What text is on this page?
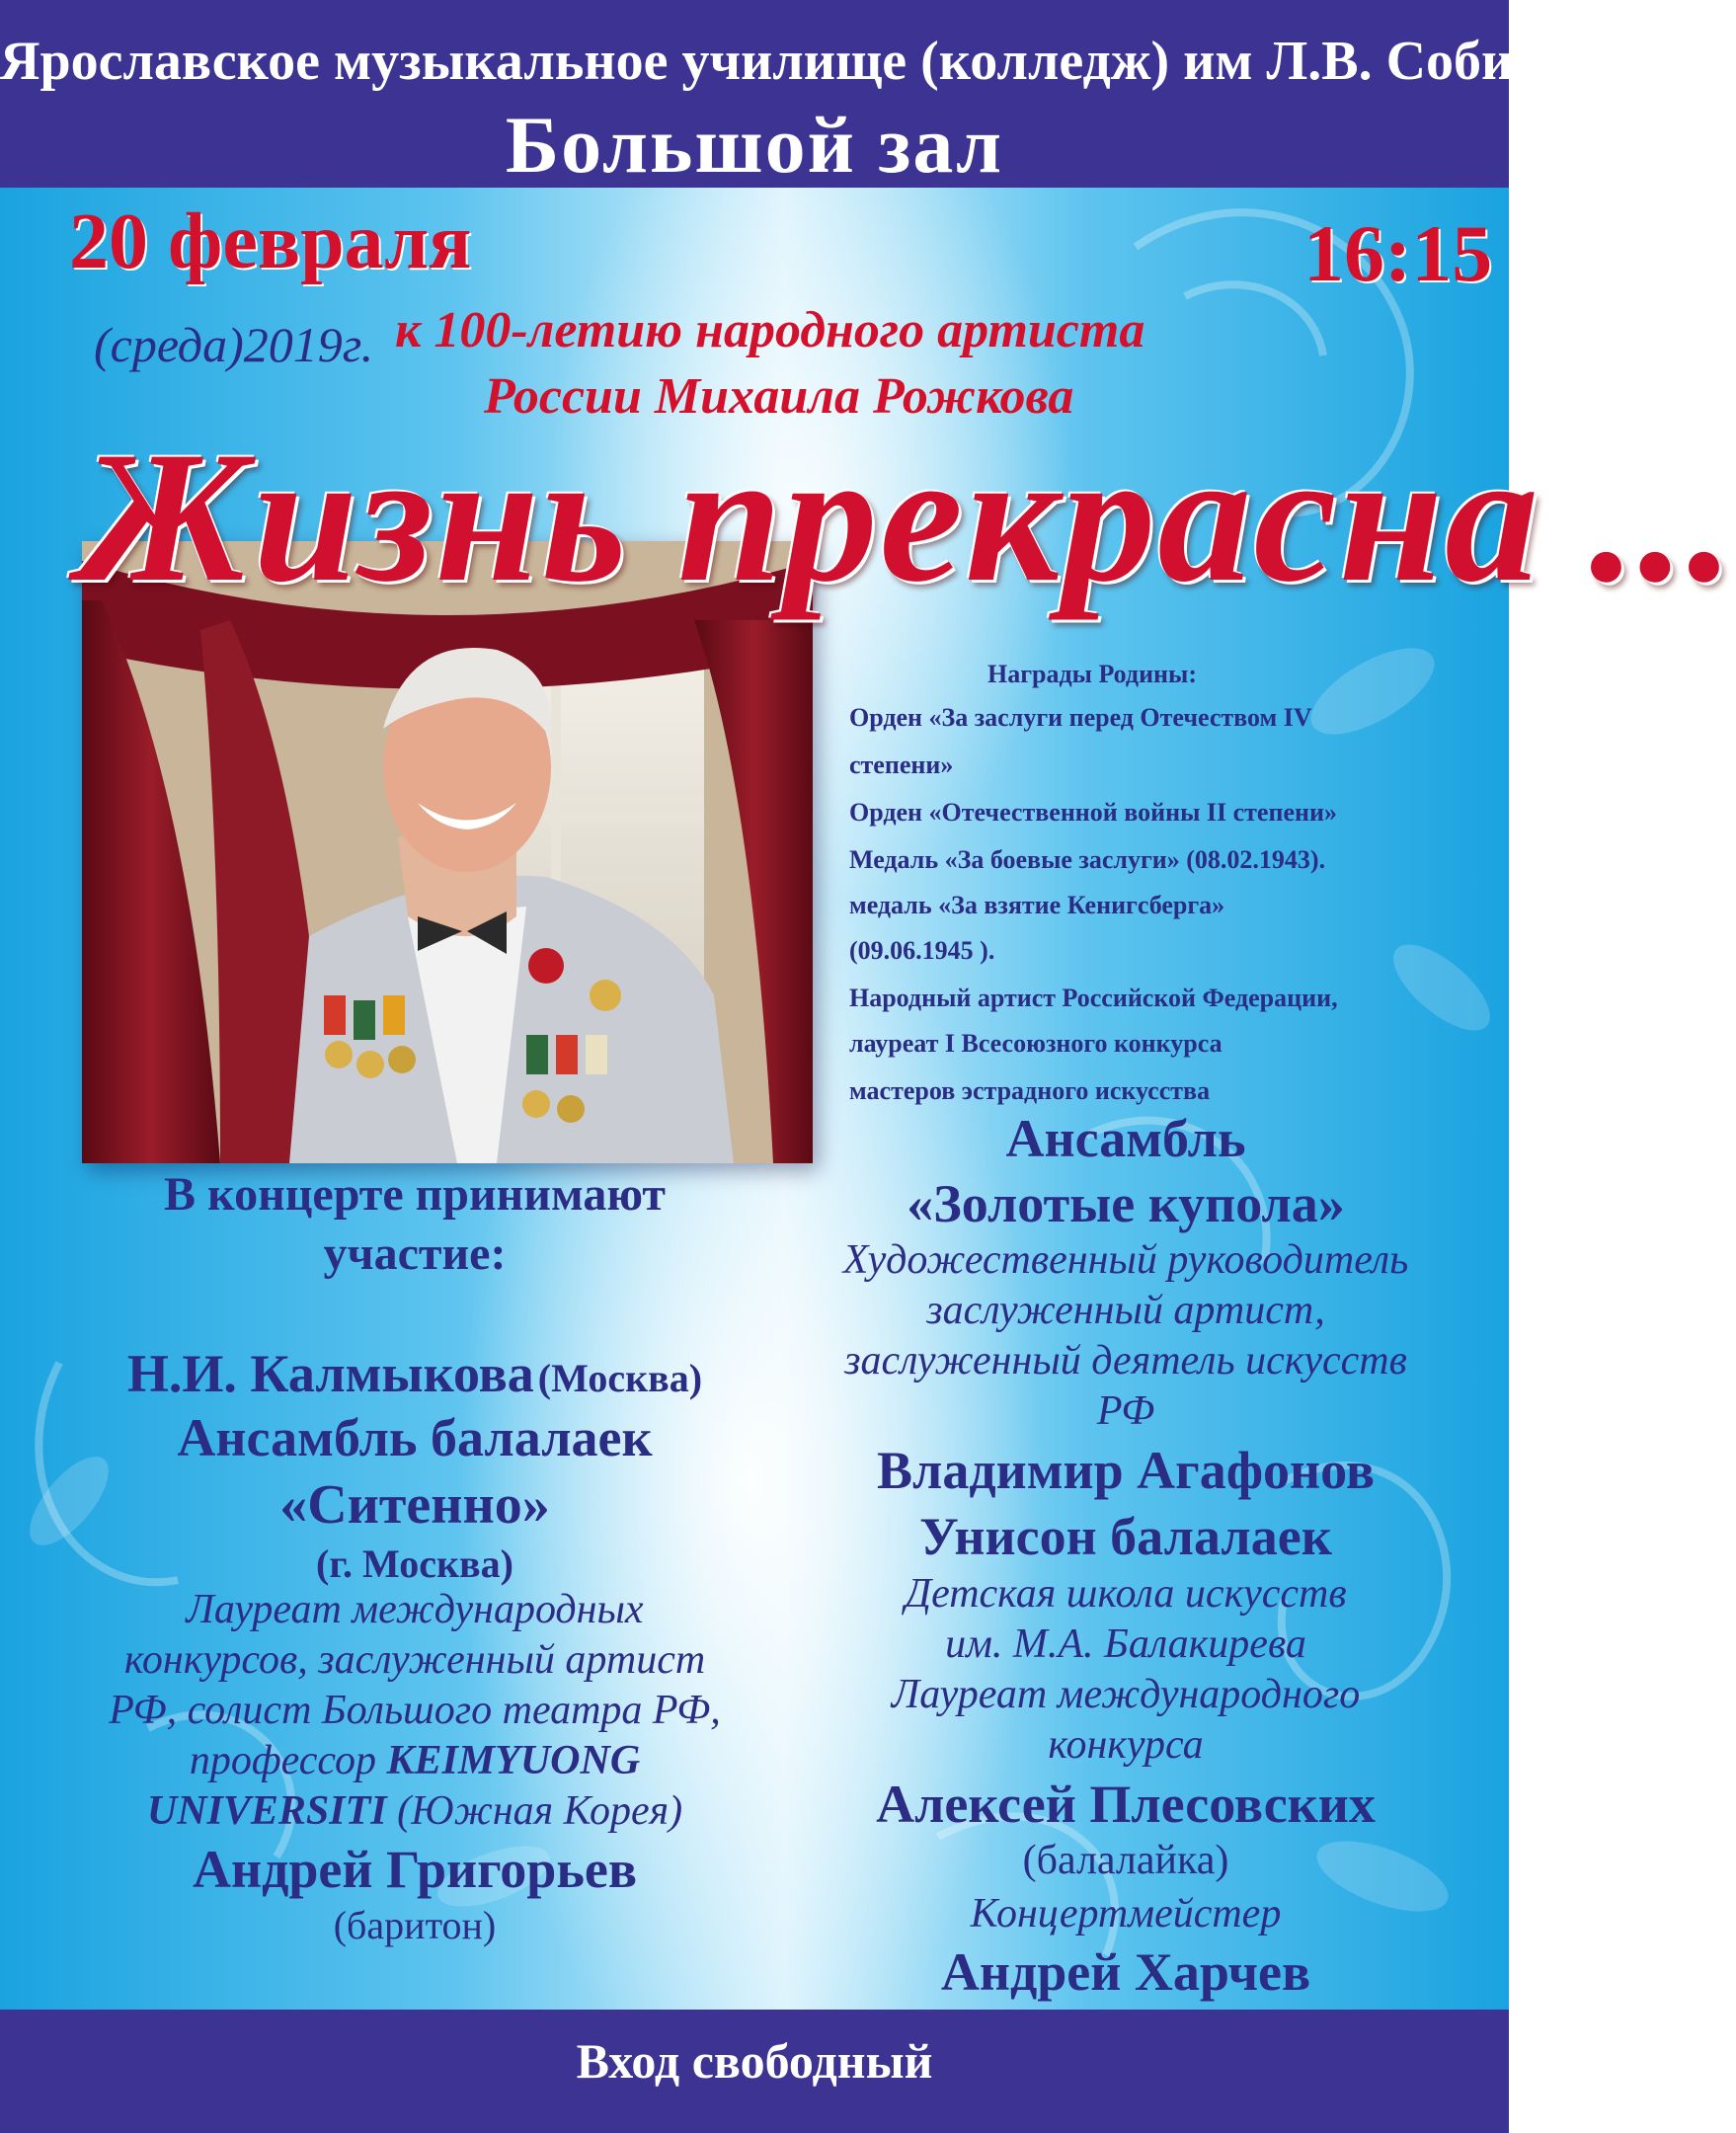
Ярославское музыкальное училище (колледж) им Л.В. Собинова

Большой зал

20 февраля

(среда)2019г.

16:15

к 100-летию народного артиста

России Михаила Рожкова

Жизнь прекрасна ...

Награды Родины:

Орден «За заслуги перед Отечеством IV

степени»

Орден «Отечественной войны II степени»

Медаль «За боевые заслуги» (08.02.1943).

медаль «За взятие Кенигсберга»

(09.06.1945 ).

Народный артист Российской Федерации,

лауреат I Всесоюзного конкурса

мастеров эстрадного искусства

В концерте принимают

участие:

Н.И. Калмыкова (Москва)

Ансамбль балалаек

«Ситенно»

(г. Москва)

Лауреат международных

конкурсов, заслуженный артист

РФ, солист Большого театра РФ,

профессор KEIMYUONG

UNIVERSITI (Южная Корея)

Андрей Григорьев

(баритон)

Ансамбль

«Золотые купола»

Художественный руководитель

заслуженный артист,

заслуженный деятель искусств

РФ

Владимир Агафонов

Унисон балалаек

Детская школа искусств

им. М.А. Балакирева

Лауреат международного

конкурса

Алексей Плесовских

(балалайка)

Концертмейстер

Андрей Харчев

Вход свободный
